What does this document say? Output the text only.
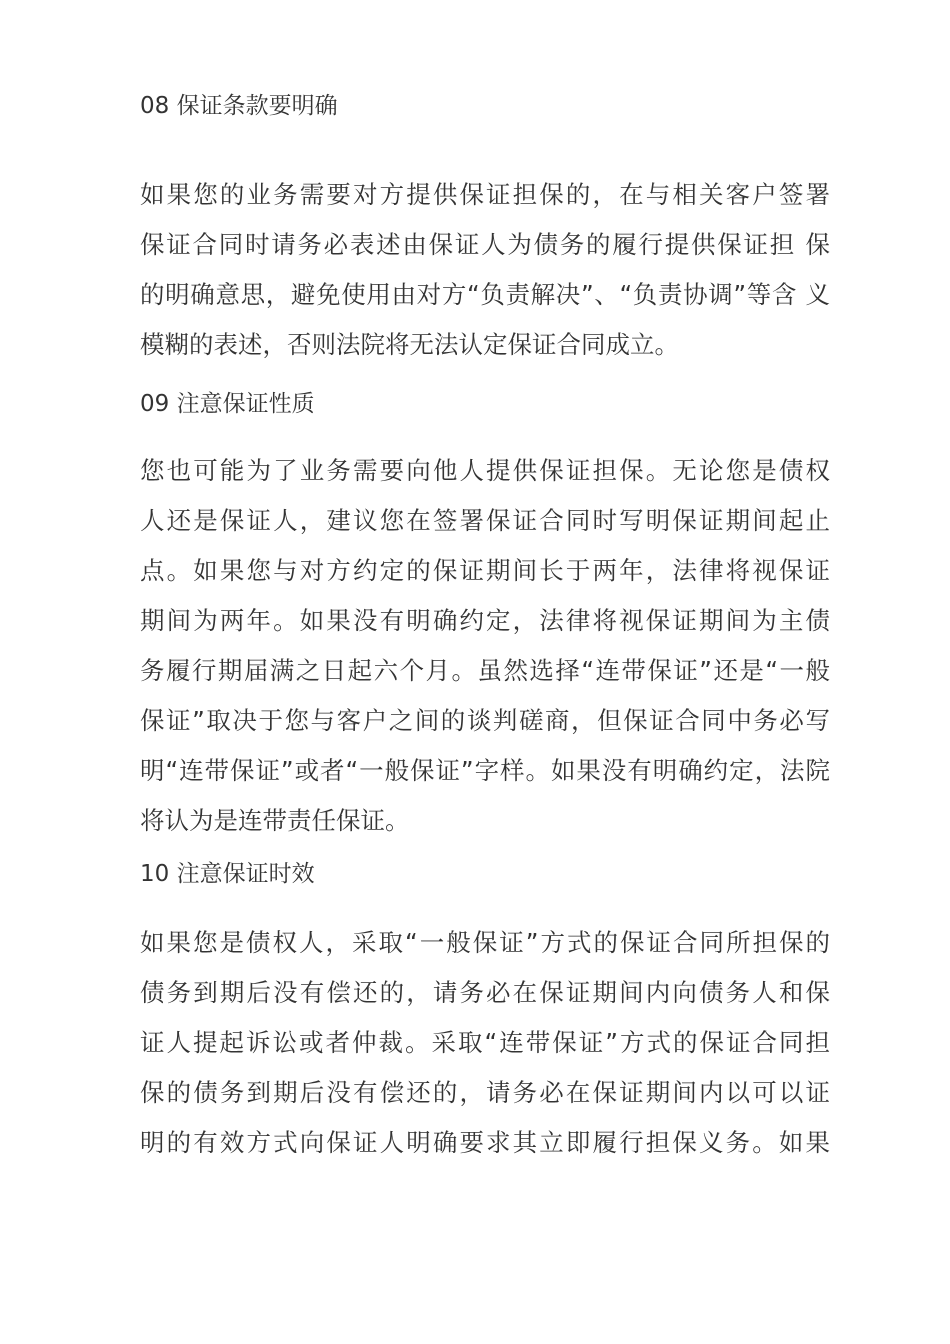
08 保证条款要明确
如果您的业务需要对方提供保证担保的，在与相关客户签署
保证合同时请务必表述由保证人为债务的履行提供保证担 保
的明确意思，避免使用由对方“负责解决”、“负责协调”等含 义
模糊的表述，否则法院将无法认定保证合同成立。
09 注意保证性质
您也可能为了业务需要向他人提供保证担保。无论您是债权
人还是保证人，建议您在签署保证合同时写明保证期间起止
点。如果您与对方约定的保证期间长于两年，法律将视保证
期间为两年。如果没有明确约定，法律将视保证期间为主债
务履行期届满之日起六个月。虽然选择“连带保证”还是“一般
保证”取决于您与客户之间的谈判磋商，但保证合同中务必写
明“连带保证”或者“一般保证”字样。如果没有明确约定，法院
将认为是连带责任保证。
10 注意保证时效
如果您是债权人，采取“一般保证”方式的保证合同所担保的
债务到期后没有偿还的，请务必在保证期间内向债务人和保
证人提起诉讼或者仲裁。采取“连带保证”方式的保证合同担
保的债务到期后没有偿还的，请务必在保证期间内以可以证
明的有效方式向保证人明确要求其立即履行担保义务。如果
